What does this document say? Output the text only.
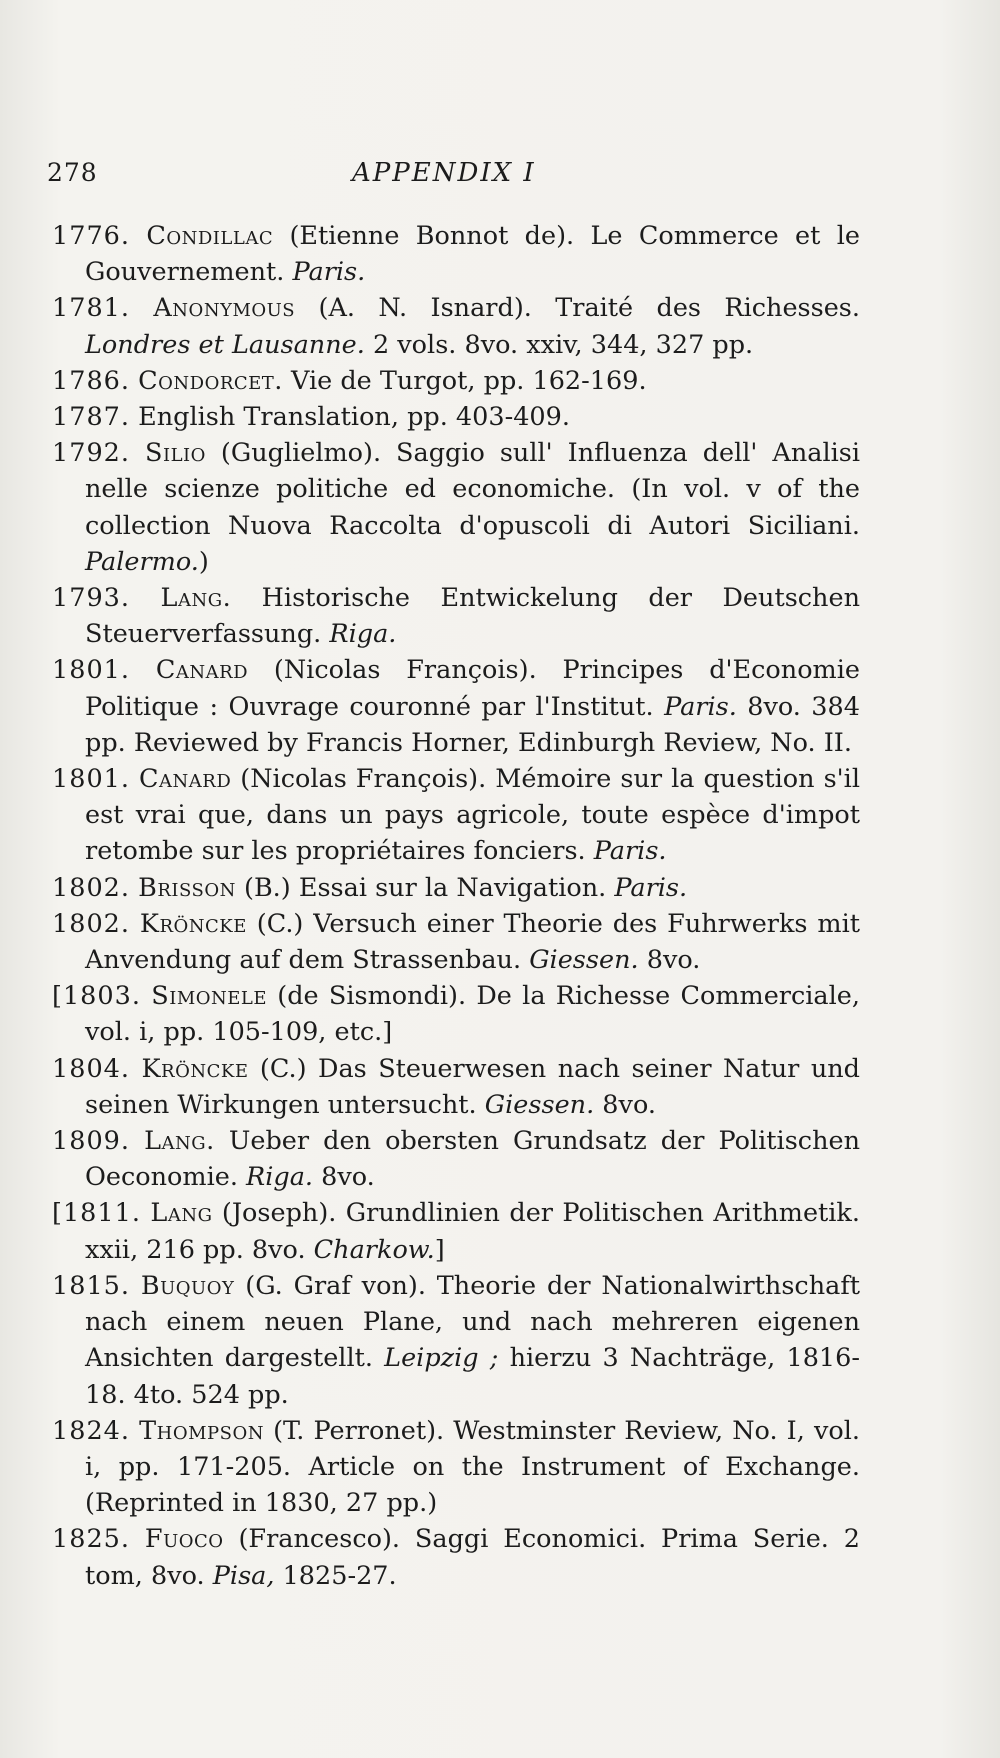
278	APPENDIX I
1776. Condillac (Etienne Bonnot de). Le Commerce et le Gouvernement. Paris.
1781. Anonymous (A. N. Isnard). Traité des Richesses. Londres et Lausanne. 2 vols. 8vo. xxiv, 344, 327 pp.
1786. Condorcet. Vie de Turgot, pp. 162-169.
1787. English Translation, pp. 403-409.
1792. Silio (Guglielmo). Saggio sull' Influenza dell' Analisi nelle scienze politiche ed economiche. (In vol. v of the collection Nuova Raccolta d'opuscoli di Autori Siciliani. Palermo.)
1793. Lang. Historische Entwickelung der Deutschen Steuerverfassung. Riga.
1801. Canard (Nicolas François). Principes d'Economie Politique : Ouvrage couronné par l'Institut. Paris. 8vo. 384 pp. Reviewed by Francis Horner, Edinburgh Review, No. II.
1801. Canard (Nicolas François). Mémoire sur la question s'il est vrai que, dans un pays agricole, toute espèce d'impot retombe sur les propriétaires fonciers. Paris.
1802. Brisson (B.) Essai sur la Navigation. Paris.
1802. Kröncke (C.) Versuch einer Theorie des Fuhrwerks mit Anvendung auf dem Strassenbau. Giessen. 8vo.
[1803. Simonele (de Sismondi). De la Richesse Commerciale, vol. i, pp. 105-109, etc.]
1804. Kröncke (C.) Das Steuerwesen nach seiner Natur und seinen Wirkungen untersucht. Giessen. 8vo.
1809. Lang. Ueber den obersten Grundsatz der Politischen Oeconomie. Riga. 8vo.
[1811. Lang (Joseph). Grundlinien der Politischen Arithmetik. xxii, 216 pp. 8vo. Charkow.]
1815. Buquoy (G. Graf von). Theorie der Nationalwirthschaft nach einem neuen Plane, und nach mehreren eigenen Ansichten dargestellt. Leipzig ; hierzu 3 Nachträge, 1816-18. 4to. 524 pp.
1824. Thompson (T. Perronet). Westminster Review, No. I, vol. i, pp. 171-205. Article on the Instrument of Exchange. (Reprinted in 1830, 27 pp.)
1825. Fuoco (Francesco). Saggi Economici. Prima Serie. 2 tom, 8vo. Pisa, 1825-27.
